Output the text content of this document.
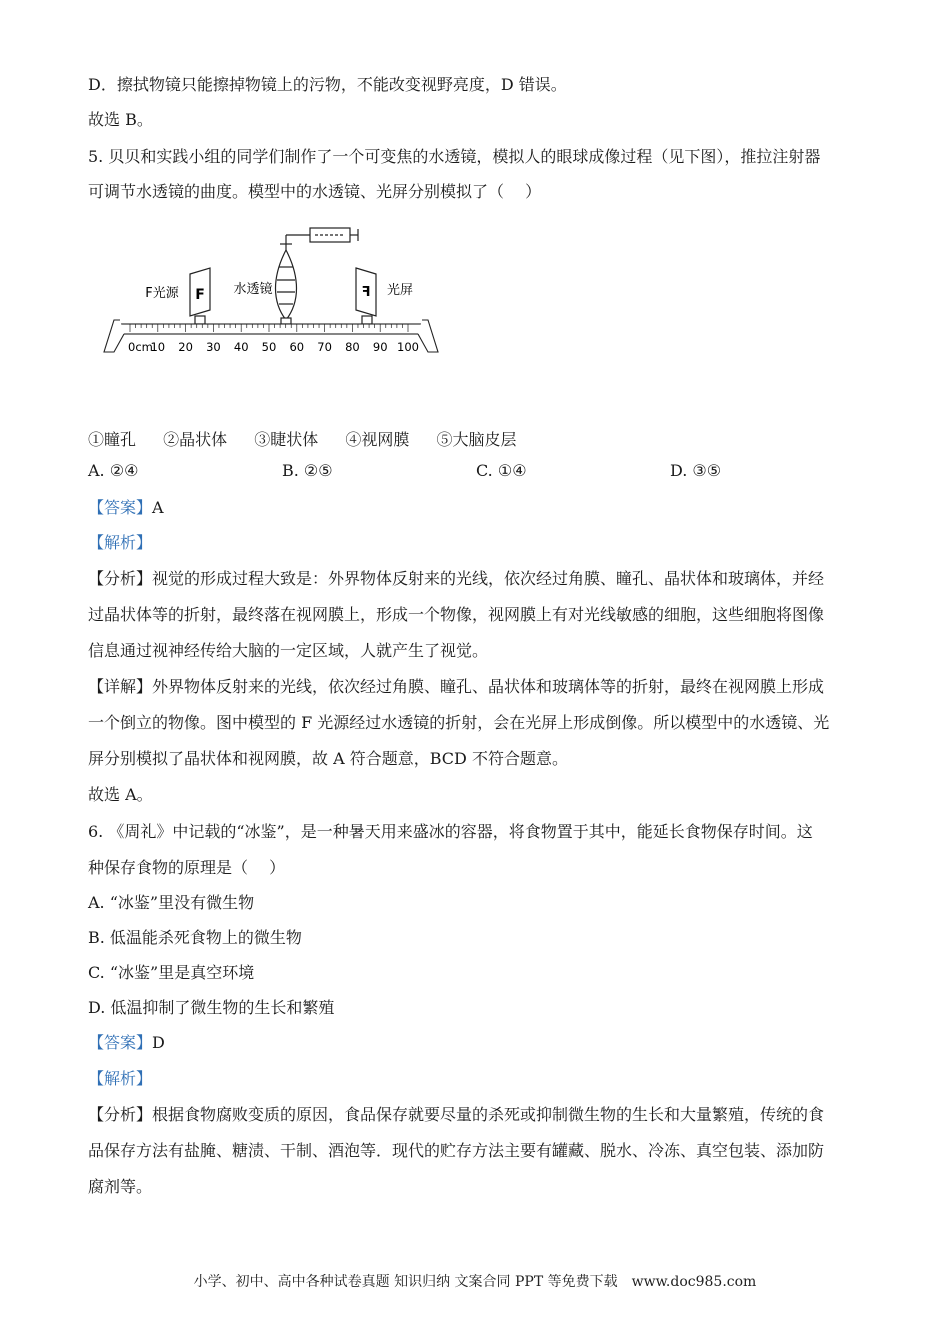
D．擦拭物镜只能擦掉物镜上的污物，不能改变视野亮度，D 错误。
故选 B。
5. 贝贝和实践小组的同学们制作了一个可变焦的水透镜，模拟人的眼球成像过程（见下图），推拉注射器
可调节水透镜的曲度。模型中的水透镜、光屏分别模拟了（　 ）
F	F
F光源	水透镜	光屏
0cm
10 20 30 40 50 60 70 80 90 100
①瞳孔 ②晶状体 ③睫状体 ④视网膜 ⑤大脑皮层
A. ②④	B. ②⑤	C. ①④	D. ③⑤
【答案】A
【解析】
【分析】视觉的形成过程大致是：外界物体反射来的光线，依次经过角膜、瞳孔、晶状体和玻璃体，并经
过晶状体等的折射，最终落在视网膜上，形成一个物像，视网膜上有对光线敏感的细胞，这些细胞将图像
信息通过视神经传给大脑的一定区域，人就产生了视觉。
【详解】外界物体反射来的光线，依次经过角膜、瞳孔、晶状体和玻璃体等的折射，最终在视网膜上形成
一个倒立的物像。图中模型的 F 光源经过水透镜的折射，会在光屏上形成倒像。所以模型中的水透镜、光
屏分别模拟了晶状体和视网膜，故 A 符合题意，BCD 不符合题意。
故选 A。
6. 《周礼》中记载的“冰鉴”，是一种暑天用来盛冰的容器，将食物置于其中，能延长食物保存时间。这
种保存食物的原理是（　 ）
A. “冰鉴”里没有微生物
B. 低温能杀死食物上的微生物
C. “冰鉴”里是真空环境
D. 低温抑制了微生物的生长和繁殖
【答案】D
【解析】
【分析】根据食物腐败变质的原因，食品保存就要尽量的杀死或抑制微生物的生长和大量繁殖，传统的食
品保存方法有盐腌、糖渍、干制、酒泡等．现代的贮存方法主要有罐藏、脱水、冷冻、真空包装、添加防
腐剂等。
小学、初中、高中各种试卷真题 知识归纳 文案合同 PPT 等免费下载 www.doc985.com
